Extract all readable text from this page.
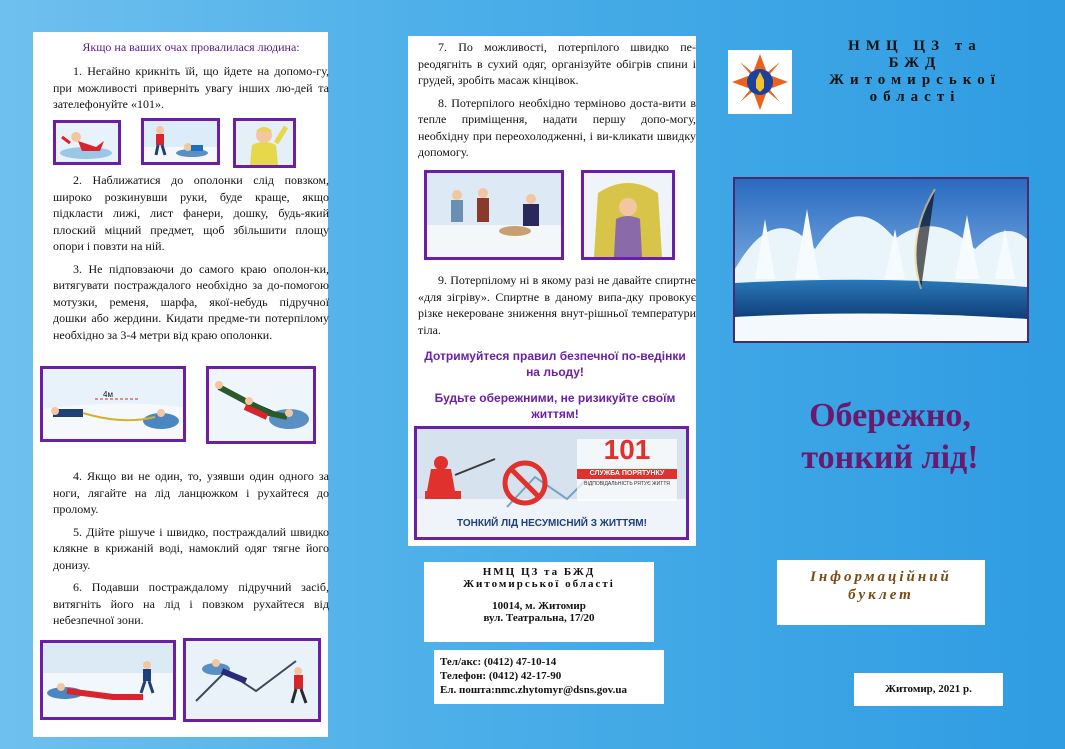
Якщо на ваших очах провалилася людина:

1. Негайно крикніть їй, що йдете на допомо-гу, при можливості приверніть увагу інших лю-дей та зателефонуйте «101».

2. Наближатися до ополонки слід повзком, широко розкинувши руки, буде краще, якщо підкласти лижі, лист фанери, дошку, будь-який плоский міцний предмет, щоб збільшити площу опори і повзти на ній.

3. Не підповзаючи до самого краю ополон-ки, витягувати постраждалого необхідно за до-помогою мотузки, ременя, шарфа, якої-небудь підручної дошки або жердини. Кидати предме-ти потерпілому необхідно за 3-4 метри від краю ополонки.

4м

4. Якщо ви не один, то, узявши один одного за ноги, лягайте на лід ланцюжком і рухайтеся до пролому.

5. Дійте рішуче і швидко, постраждалий швидко клякне в крижаній воді, намоклий одяг тягне його донизу.

6. Подавши постраждалому підручний засіб, витягніть його на лід і повзком рухайтеся від небезпечної зони.

7. По можливості, потерпілого швидко пе-реодягніть в сухий одяг, організуйте обігрів спини і грудей, зробіть масаж кінцівок.

8. Потерпілого необхідно терміново доста-вити в тепле приміщення, надати першу допо-могу, необхідну при переохолодженні, і ви-кликати швидку допомогу.

9. Потерпілому ні в якому разі не давайте спиртне «для зігріву». Спиртне в даному випа-дку провокує різке некероване зниження внут-рішньої температури тіла.

Дотримуйтеся правил безпечної по-ведінки на льоду!
Будьте обережними, не ризикуйте своїм життям!
101
СЛУЖБА ПОРЯТУНКУ
ВІДПОВІДАЛЬНІСТЬ РЯТУЄ ЖИТТЯ
ТОНКИЙ ЛІД НЕСУМІСНИЙ З ЖИТТЯМ!
НМЦ ЦЗ та БЖД
Житомирської області
10014, м. Житомир
вул. Театральна, 17/20
Тел/акс: (0412) 47-10-14
Телефон: (0412) 42-17-90
Ел. пошта:nmc.zhytomyr@dsns.gov.ua
НМЦ ЦЗ та
БЖД
Житомирської
області
Обережно,
тонкий лід!
Інформаційний
буклет
Житомир, 2021 р.
